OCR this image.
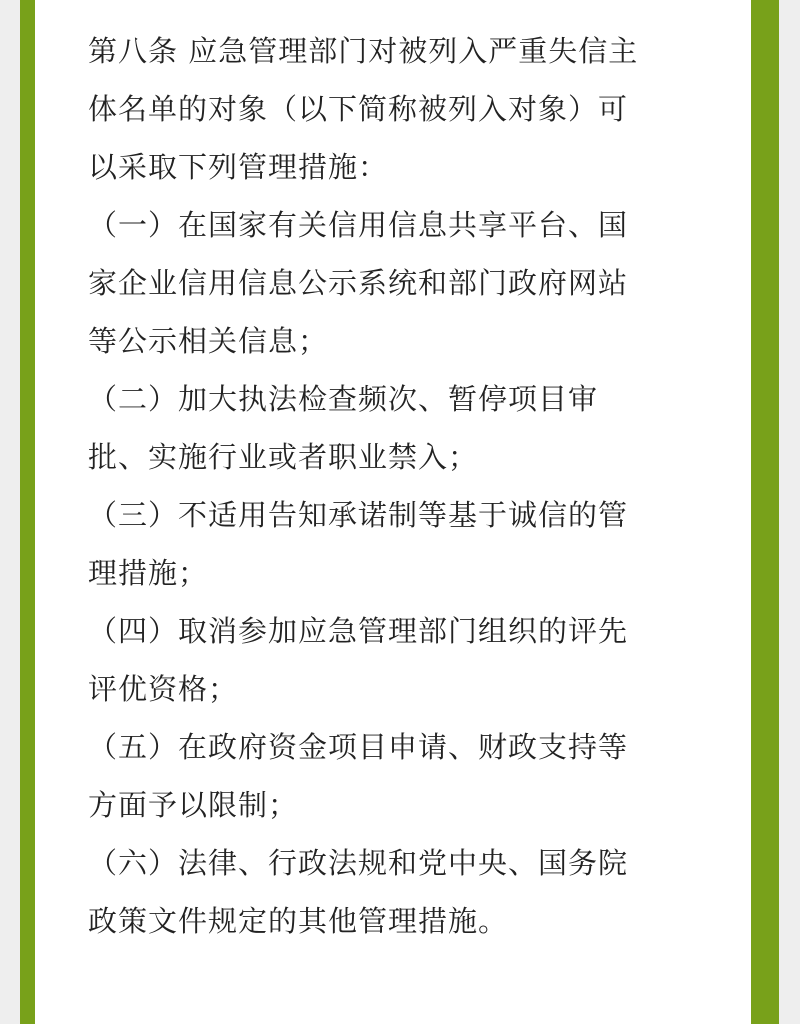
第八条 应急管理部门对被列入严重失信主
体名单的对象（以下简称被列入对象）可
以采取下列管理措施：
（一）在国家有关信用信息共享平台、国
家企业信用信息公示系统和部门政府网站
等公示相关信息；
（二）加大执法检查频次、暂停项目审
批、实施行业或者职业禁入；
（三）不适用告知承诺制等基于诚信的管
理措施；
（四）取消参加应急管理部门组织的评先
评优资格；
（五）在政府资金项目申请、财政支持等
方面予以限制；
（六）法律、行政法规和党中央、国务院
政策文件规定的其他管理措施。
